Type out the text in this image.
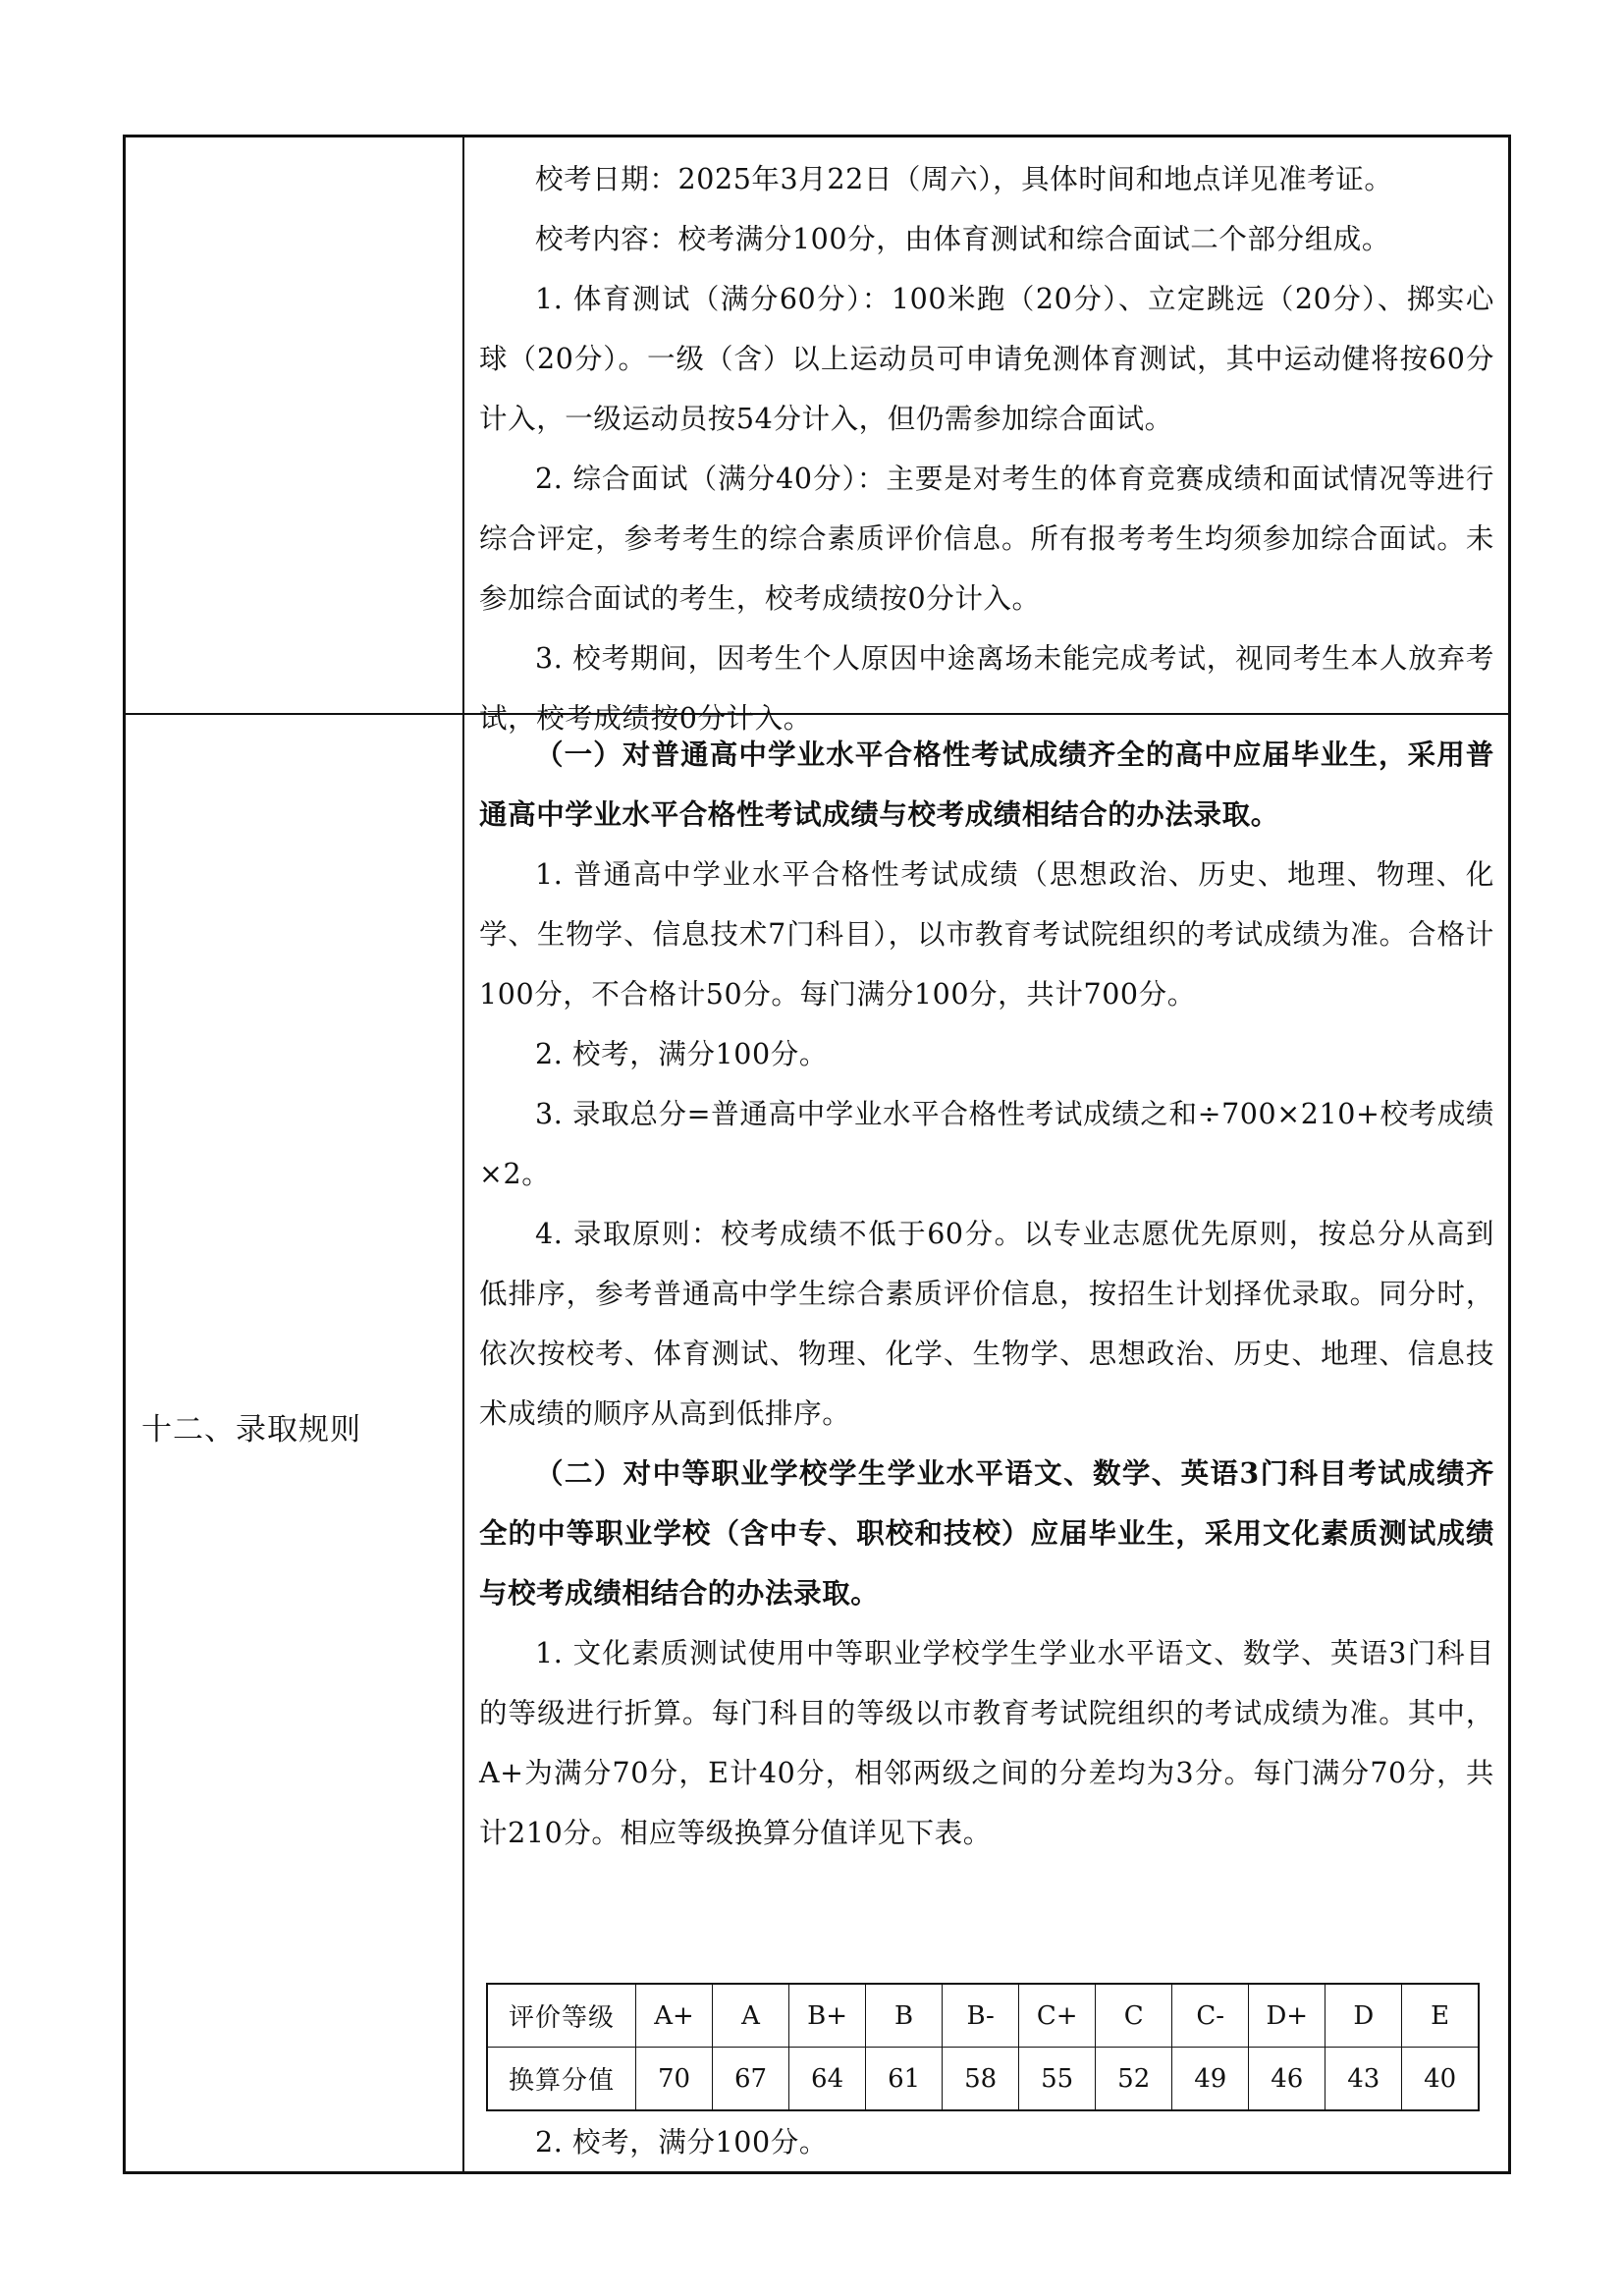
校考日期：2025年3月22日（周六），具体时间和地点详见准考证。

校考内容：校考满分100分，由体育测试和综合面试二个部分组成。

1. 体育测试（满分60分）：100米跑（20分）、立定跳远（20分）、掷实心球（20分）。一级（含）以上运动员可申请免测体育测试，其中运动健将按60分计入，一级运动员按54分计入，但仍需参加综合面试。

2. 综合面试（满分40分）：主要是对考生的体育竞赛成绩和面试情况等进行综合评定，参考考生的综合素质评价信息。所有报考考生均须参加综合面试。未参加综合面试的考生，校考成绩按0分计入。

3. 校考期间，因考生个人原因中途离场未能完成考试，视同考生本人放弃考试，校考成绩按0分计入。

十二、录取规则

（一）对普通高中学业水平合格性考试成绩齐全的高中应届毕业生，采用普通高中学业水平合格性考试成绩与校考成绩相结合的办法录取。

1. 普通高中学业水平合格性考试成绩（思想政治、历史、地理、物理、化学、生物学、信息技术7门科目），以市教育考试院组织的考试成绩为准。合格计100分，不合格计50分。每门满分100分，共计700分。

2. 校考，满分100分。

3. 录取总分=普通高中学业水平合格性考试成绩之和÷700×210+校考成绩×2。

4. 录取原则：校考成绩不低于60分。以专业志愿优先原则，按总分从高到低排序，参考普通高中学生综合素质评价信息，按招生计划择优录取。同分时，依次按校考、体育测试、物理、化学、生物学、思想政治、历史、地理、信息技术成绩的顺序从高到低排序。

（二）对中等职业学校学生学业水平语文、数学、英语3门科目考试成绩齐全的中等职业学校（含中专、职校和技校）应届毕业生，采用文化素质测试成绩与校考成绩相结合的办法录取。

1. 文化素质测试使用中等职业学校学生学业水平语文、数学、英语3门科目的等级进行折算。每门科目的等级以市教育考试院组织的考试成绩为准。其中，A+为满分70分，E计40分，相邻两级之间的分差均为3分。每门满分70分，共计210分。相应等级换算分值详见下表。

2. 校考，满分100分。

评价等级	A+	A	B+	B	B-	C+	C	C-	D+	D	E
换算分值	70	67	64	61	58	55	52	49	46	43	40
